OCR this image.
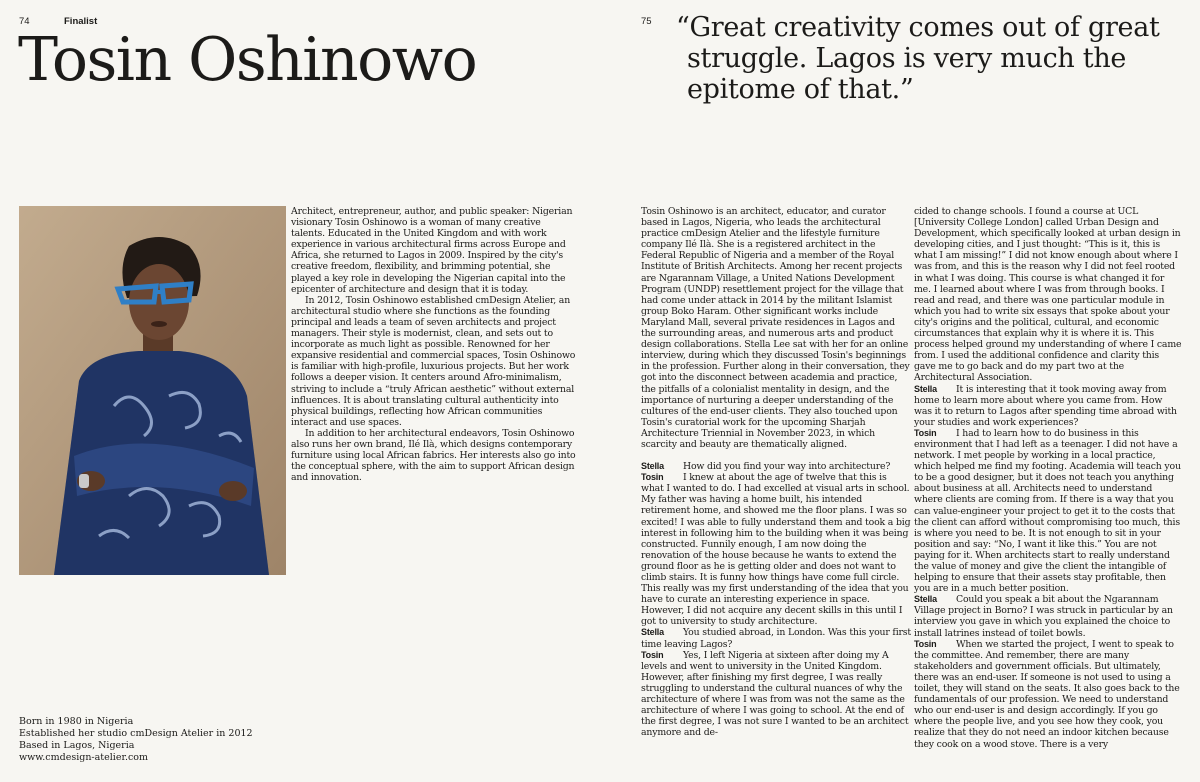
74	Finalist
Tosin Oshinowo

Architect, entrepreneur, author, and public speaker: Nigerian visionary Tosin Oshinowo is a woman of many creative talents. Educated in the United Kingdom and with work experience in various architectural firms across Europe and Africa, she returned to Lagos in 2009. Inspired by the city's creative freedom, flexibility, and brimming potential, she played a key role in developing the Nigerian capital into the epicenter of architecture and design that it is today.

In 2012, Tosin Oshinowo established cmDesign Atelier, an architectural studio where she functions as the founding principal and leads a team of seven architects and project managers. Their style is modernist, clean, and sets out to incorporate as much light as possible. Renowned for her expansive residential and commercial spaces, Tosin Oshinowo is familiar with high-profile, luxurious projects. But her work follows a deeper vision. It centers around Afro-minimalism, striving to include a “truly African aesthetic” without external influences. It is about translating cultural authenticity into physical buildings, reflecting how African communities interact and use spaces.

In addition to her architectural endeavors, Tosin Oshinowo also runs her own brand, Ilé Ilà, which designs contemporary furniture using local African fabrics. Her interests also go into the conceptual sphere, with the aim to support African design and innovation.

Born in 1980 in Nigeria
Established her studio cmDesign Atelier in 2012
Based in Lagos, Nigeria
www.cmdesign-atelier.com
75 “Great creativity comes out of great
struggle. Lagos is very much the
epitome of that.”

Tosin Oshinowo is an architect, educator, and curator based in Lagos, Nigeria, who leads the architectural practice cmDesign Atelier and the lifestyle furniture company Ilé Ilà. She is a registered architect in the Federal Republic of Nigeria and a member of the Royal Institute of British Architects. Among her recent projects are Ngarannam Village, a United Nations Development Program (UNDP) resettlement project for the village that had come under attack in 2014 by the militant Islamist group Boko Haram. Other significant works include Maryland Mall, several private residences in Lagos and the surrounding areas, and numerous arts and product design collaborations. Stella Lee sat with her for an online interview, during which they discussed Tosin's beginnings in the profession. Further along in their conversation, they got into the disconnect between academia and practice, the pitfalls of a colonialist mentality in design, and the importance of nurturing a deeper understanding of the cultures of the end-user clients. They also touched upon Tosin's curatorial work for the upcoming Sharjah Architecture Triennial in November 2023, in which scarcity and beauty are thematically aligned.

Stella How did you find your way into architecture?

Tosin I knew at about the age of twelve that this is what I wanted to do. I had excelled at visual arts in school. My father was having a home built, his intended retirement home, and showed me the floor plans. I was so excited! I was able to fully understand them and took a big interest in following him to the building when it was being constructed. Funnily enough, I am now doing the renovation of the house because he wants to extend the ground floor as he is getting older and does not want to climb stairs. It is funny how things have come full circle. This really was my first understanding of the idea that you have to curate an interesting experience in space. However, I did not acquire any decent skills in this until I got to university to study architecture.

Stella You studied abroad, in London. Was this your first time leaving Lagos?

Tosin Yes, I left Nigeria at sixteen after doing my A levels and went to university in the United Kingdom. However, after finishing my first degree, I was really struggling to understand the cultural nuances of why the architecture of where I was from was not the same as the architecture of where I was going to school. At the end of the first degree, I was not sure I wanted to be an architect anymore and de-

cided to change schools. I found a course at UCL [University College London] called Urban Design and Development, which specifically looked at urban design in developing cities, and I just thought: “This is it, this is what I am missing!” I did not know enough about where I was from, and this is the reason why I did not feel rooted in what I was doing. This course is what changed it for me. I learned about where I was from through books. I read and read, and there was one particular module in which you had to write six essays that spoke about your city's origins and the political, cultural, and economic circumstances that explain why it is where it is. This process helped ground my understanding of where I came from. I used the additional confidence and clarity this gave me to go back and do my part two at the Architectural Association.

Stella It is interesting that it took moving away from home to learn more about where you came from. How was it to return to Lagos after spending time abroad with your studies and work experiences?

Tosin I had to learn how to do business in this environment that I had left as a teenager. I did not have a network. I met people by working in a local practice, which helped me find my footing. Academia will teach you to be a good designer, but it does not teach you anything about business at all. Architects need to understand where clients are coming from. If there is a way that you can value-engineer your project to get it to the costs that the client can afford without compromising too much, this is where you need to be. It is not enough to sit in your position and say: “No, I want it like this.” You are not paying for it. When architects start to really understand the value of money and give the client the intangible of helping to ensure that their assets stay profitable, then you are in a much better position.

Stella Could you speak a bit about the Ngarannam Village project in Borno? I was struck in particular by an interview you gave in which you explained the choice to install latrines instead of toilet bowls.

Tosin When we started the project, I went to speak to the committee. And remember, there are many stakeholders and government officials. But ultimately, there was an end-user. If someone is not used to using a toilet, they will stand on the seats. It also goes back to the fundamentals of our profession. We need to understand who our end-user is and design accordingly. If you go where the people live, and you see how they cook, you realize that they do not need an indoor kitchen because they cook on a wood stove. There is a very
